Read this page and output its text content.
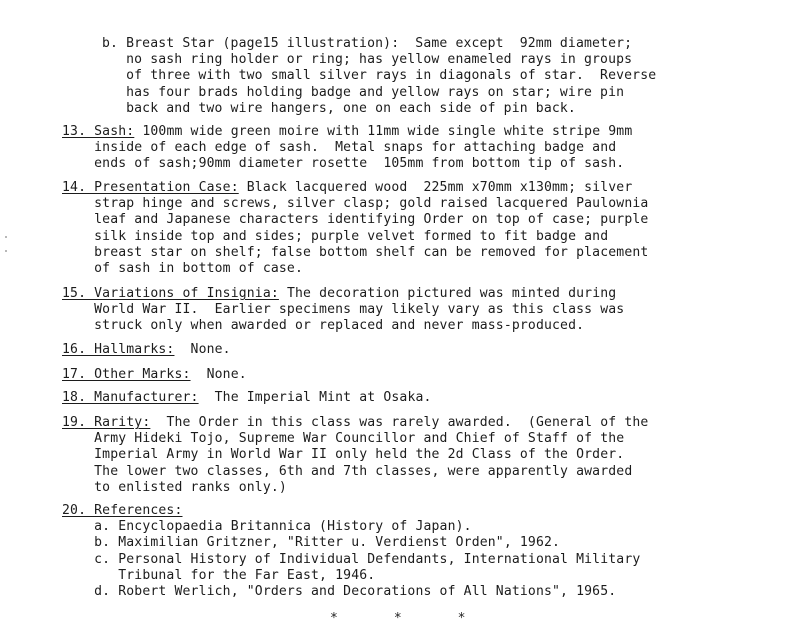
b. Breast Star (page15 illustration):  Same except  92mm diameter;
no sash ring holder or ring; has yellow enameled rays in groups
of three with two small silver rays in diagonals of star.  Reverse
has four brads holding badge and yellow rays on star; wire pin
back and two wire hangers, one on each side of pin back.
13. Sash: 100mm wide green moire with 11mm wide single white stripe 9mm
inside of each edge of sash.  Metal snaps for attaching badge and
ends of sash;90mm diameter rosette  105mm from bottom tip of sash.
14. Presentation Case: Black lacquered wood  225mm x70mm x130mm; silver
strap hinge and screws, silver clasp; gold raised lacquered Paulownia
leaf and Japanese characters identifying Order on top of case; purple
silk inside top and sides; purple velvet formed to fit badge and
breast star on shelf; false bottom shelf can be removed for placement
of sash in bottom of case.
15. Variations of Insignia: The decoration pictured was minted during
World War II.  Earlier specimens may likely vary as this class was
struck only when awarded or replaced and never mass-produced.
16. Hallmarks:  None.
17. Other Marks:  None.
18. Manufacturer:  The Imperial Mint at Osaka.
19. Rarity:  The Order in this class was rarely awarded.  (General of the
Army Hideki Tojo, Supreme War Councillor and Chief of Staff of the
Imperial Army in World War II only held the 2d Class of the Order.
The lower two classes, 6th and 7th classes, were apparently awarded
to enlisted ranks only.)
20. References:
a. Encyclopaedia Britannica (History of Japan).
b. Maximilian Gritzner, "Ritter u. Verdienst Orden", 1962.
c. Personal History of Individual Defendants, International Military
Tribunal for the Far East, 1946.
d. Robert Werlich, "Orders and Decorations of All Nations", 1965.
*       *       *
